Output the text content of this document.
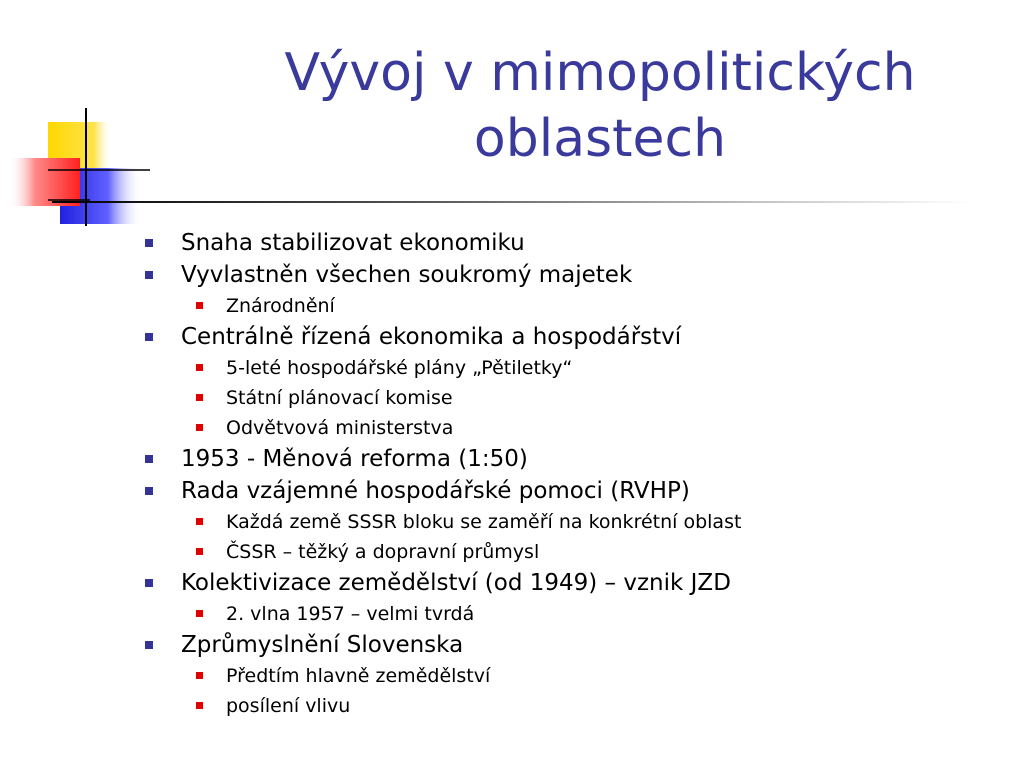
Vývoj v mimopolitických
oblastech
Snaha stabilizovat ekonomiku
Vyvlastněn všechen soukromý majetek
Znárodnění
Centrálně řízená ekonomika a hospodářství
5-leté hospodářské plány „Pětiletky“
Státní plánovací komise
Odvětvová ministerstva
1953 - Měnová reforma (1:50)
Rada vzájemné hospodářské pomoci (RVHP)
Každá země SSSR bloku se zaměří na konkrétní oblast
ČSSR – těžký a dopravní průmysl
Kolektivizace zemědělství (od 1949) – vznik JZD
2. vlna 1957 – velmi tvrdá
Zprůmyslnění Slovenska
Předtím hlavně zemědělství
posílení vlivu
